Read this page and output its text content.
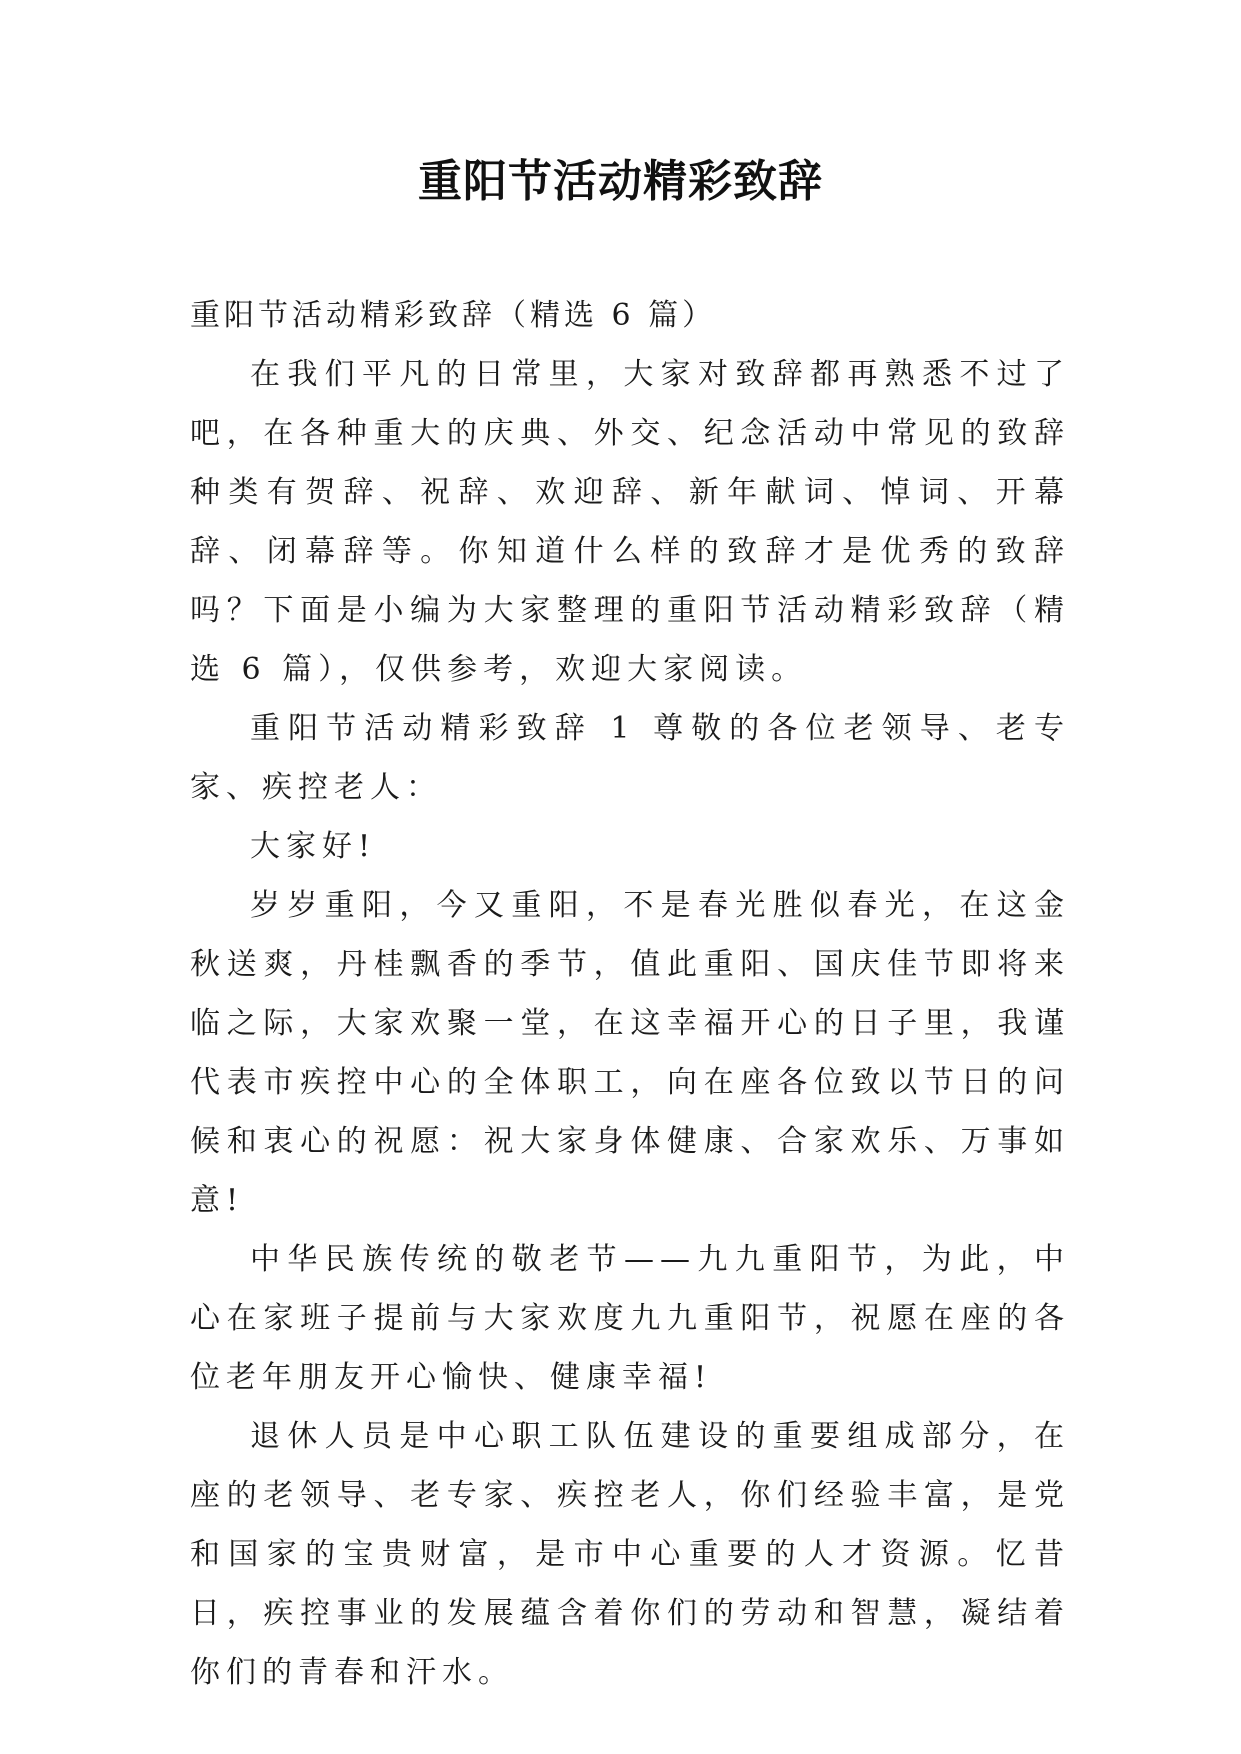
重阳节活动精彩致辞

重阳节活动精彩致辞（精选 6 篇）

在我们平凡的日常里，大家对致辞都再熟悉不过了吧，在各种重大的庆典、外交、纪念活动中常见的致辞种类有贺辞、祝辞、欢迎辞、新年献词、悼词、开幕辞、闭幕辞等。你知道什么样的致辞才是优秀的致辞吗？下面是小编为大家整理的重阳节活动精彩致辞（精选 6 篇），仅供参考，欢迎大家阅读。

重阳节活动精彩致辞 1 尊敬的各位老领导、老专家、疾控老人：

大家好!

岁岁重阳，今又重阳，不是春光胜似春光，在这金秋送爽，丹桂飘香的季节，值此重阳、国庆佳节即将来临之际，大家欢聚一堂，在这幸福开心的日子里，我谨代表市疾控中心的全体职工，向在座各位致以节日的问候和衷心的祝愿：祝大家身体健康、合家欢乐、万事如意!

中华民族传统的敬老节——九九重阳节，为此，中心在家班子提前与大家欢度九九重阳节，祝愿在座的各位老年朋友开心愉快、健康幸福!

退休人员是中心职工队伍建设的重要组成部分，在座的老领导、老专家、疾控老人，你们经验丰富，是党和国家的宝贵财富，是市中心重要的人才资源。忆昔日，疾控事业的发展蕴含着你们的劳动和智慧，凝结着你们的青春和汗水。
